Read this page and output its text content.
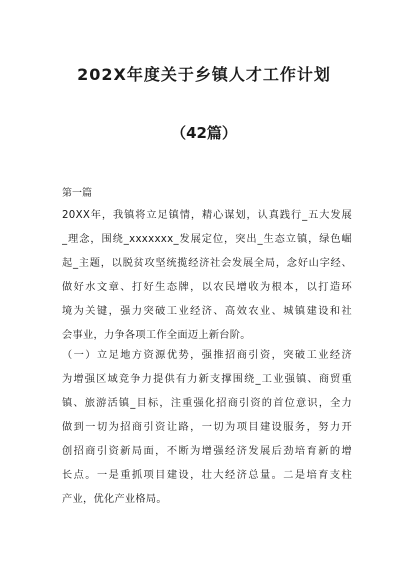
202X年度关于乡镇人才工作计划
（42篇）
第一篇
20XX年，我镇将立足镇情，精心谋划，认真践行_五大发展
_理念，围绕_xxxxxxx_发展定位，突出_生态立镇，绿色崛
起_主题，以脱贫攻坚统揽经济社会发展全局，念好山字经、
做好水文章、打好生态牌，以农民增收为根本，以打造环
境为关键，强力突破工业经济、高效农业、城镇建设和社
会事业，力争各项工作全面迈上新台阶。
（一）立足地方资源优势，强推招商引资，突破工业经济
为增强区域竞争力提供有力新支撑围绕_工业强镇、商贸重
镇、旅游活镇_目标，注重强化招商引资的首位意识，全力
做到一切为招商引资让路，一切为项目建设服务，努力开
创招商引资新局面，不断为增强经济发展后劲培育新的增
长点。一是重抓项目建设，壮大经济总量。二是培育支柱
产业，优化产业格局。
